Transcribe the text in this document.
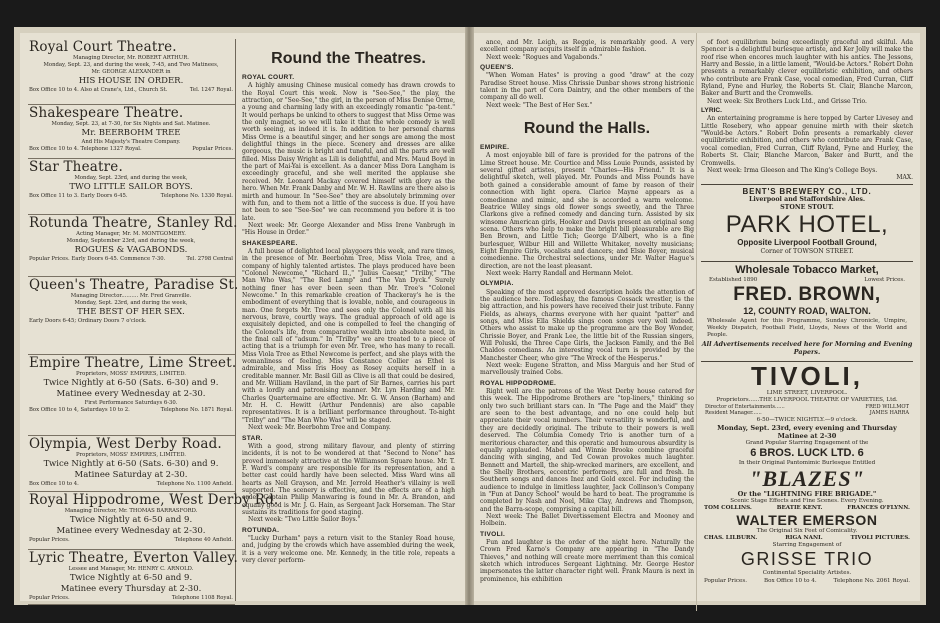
Royal Court Theatre.
Managing Director, Mr. ROBERT ARTHUR.
Monday, Sept. 23, and during the week, 7-45, and Two Matinees,
Mr. GEORGE ALEXANDER in
HIS HOUSE IN ORDER.
Box Office 10 to 4. Also at Crane's, Ltd., Church St.	Tel. 1247 Royal.
Shakespeare Theatre.
Monday, Sept. 23, at 7-30, for Six Nights and Sat. Matinee.
Mr. BEERBOHM TREE
And His Majesty's Theatre Company.
Box Office 10 to 4. Telephone 1327 Royal.	Popular Prices.
Star Theatre.
Monday, Sept. 23rd, and during the week,
TWO LITTLE SAILOR BOYS.
Box Office 11 to 3. Early Doors 6-45.	Telephone No. 1330 Royal.
Rotunda Theatre, Stanley Rd.
Acting Manager, Mr. M. MONTGOMERY.
Monday, September 23rd, and during the week,
ROGUES & VAGABONDS.
Popular Prices. Early Doors 6-45. Commence 7-30.	Tel. 2798 Central
Queen's Theatre, Paradise St.
Managing Director.......... Mr. Fred Granville.
Monday, Sept. 23rd, and during the week,
THE BEST OF HER SEX.
Early Doors 6-45; Ordinary Doors 7 o'clock.
Empire Theatre, Lime Street.
Proprietors, MOSS' EMPIRES, LIMITED.
Twice Nightly at 6-50 (Sats. 6-30) and 9.
Matinee every Wednesday at 2-30.
First Performance Saturdays 6-30.
Box Office 10 to 4, Saturdays 10 to 2.	Telephone No. 1871 Royal.
Olympia, West Derby Road.
Proprietors, MOSS' EMPIRES, LIMITED.
Twice Nightly at 6-50 (Sats. 6-30) and 9.
Matinee Saturday at 2-30.
Box Office 10 to 4.	Telephone No. 1100 Anfield.
Royal Hippodrome, West Derby Rd.
Managing Director, Mr. THOMAS BARRASFORD.
Twice Nightly at 6-50 and 9.
Matinee every Wednesday at 2-30.
Popular Prices.	Telephone 40 Anfield.
Lyric Theatre, Everton Valley.
Lessee and Manager, Mr. HENRY C. ARNOLD.
Twice Nightly at 6-50 and 9.
Matinee every Thursday at 2-30.
Popular Prices.	Telephone 1108 Royal.
Round the Theatres.
ROYAL COURT.

A highly amusing Chinese musical comedy has drawn crowds to the Royal Court this week. Now is "See-See," the play, the attraction, or "See-See," the girl, in the person of Miss Denise Orme, a young and charming lady with an exceedingly romantic "pa-tent." It would perhaps be unkind to others to suggest that Miss Orme was the only magnet, so we will take it that the whole comedy is well worth seeing, as indeed it is. In addition to her personal charms Miss Orme is a beautiful singer, and her songs are among the most delightful things in the piece. Scenery and dresses are alike gorgeous, the music is bright and tuneful, and all the parts are well filled. Miss Daisy Wright as Lili is delightful, and Mrs. Maud Boyd in the part of Mai-Yai is excellent. As a dancer Miss Dora Langham is exceedingly graceful, and she well merited the applause she received. Mr. Leonard Mackay covered himself with glory as the hero. When Mr. Frank Danby and Mr. W. H. Rawlins are there also is mirth and humour. In "See-See" they are absolutely brimming over with fun, and to them not a little of the success is due. If you have not been to see "See-See" we can recommend you before it is too late.

Next week: Mr. George Alexander and Miss Irene Vanbrugh in "His House in Order."

SHAKESPEARE.

A full house of delighted local playgoers this week, and rare times, in the presence of Mr. Beerbohm Tree, Miss Viola Tree, and a company of highly talented artistes. The plays produced have been "Colonel Newcome," "Richard II.," "Julius Caesar," "Trilby," "The Man Who Was," "The Red Lamp" and "The Van Dyck." Surely nothing finer has ever been seen than Mr. Tree's "Colonel Newcome." In this remarkable creation of Thackeray's he is the embodiment of everything that is lovable, noble, and courageous in man. One forgets Mr. Tree and sees only the Colonel with all his nervous, brave, courtly ways. The gradual approach of old age is exquisitely depicted, and one is compelled to feel the changing of the Colonel's life, from comparative wealth into absolute need, in the final call of "adsum." In "Trilby" we are treated to a piece of acting that is a triumph for even Mr. Tree, who has many to recall. Miss Viola Tree as Ethel Newcome is perfect, and she plays with the womanliness of feeling. Miss Constance Collier as Ethel is admirable, and Miss Iris Hoey as Rosey acquits herself in a creditable manner. Mr. Basil Gill as Clive is all that could be desired, and Mr. William Haviland, in the part of Sir Barnes, carries his part with a lordly and patronising manner. Mr. Lyn Harding and Mr. Charles Quartermaine are effective. Mr. G. W. Anson (Barham) and Mr. H. C. Hewitt (Arthur Pendennis) are also capable representatives. It is a brilliant performance throughout. To-night "Trilby" and "The Man Who Was" will be staged.

Next week: Mr. Beerbohm Tree and Company.

STAR.

With a good, strong military flavour, and plenty of stirring incidents, it is not to be wondered at that "Second to None" has proved immensely attractive at the Williamson Square house. Mr. T. F. Ward's company are responsible for its representation, and a better cast could hardly have been selected. Miss Ward wins all hearts as Nell Grayson, and Mr. Jerrold Heather's villainy is well supported. The scenery is effective, and the effects are of a high order. Captain Philip Manwaring is found in Mr. A. Brandon, and equally good is Mr. J. G. Hain, as Sergeant Jack Horseman. The Star sustains its traditions for good staging.

Next week: "Two Little Sailor Boys."

ROTUNDA.

"Lucky Durham" pays a return visit to the Stanley Road house, and, judging by the crowds which have assembled during the week, it is a very welcome one. Mr. Kennedy, in the title role, repeats a very clever perform-

ance, and Mr. Leigh, as Reggie, is remarkably good. A very excellent company acquits itself in admirable fashion.

Next week: "Rogues and Vagabonds."

QUEEN'S.

"When Woman Hates" is proving a good "draw" at the cozy Paradise Street house. Miss Chrissie Dunbar shows strong histrionic talent in the part of Cora Daintry, and the other members of the company all do well.

Next week: "The Best of Her Sex."

Round the Halls.
EMPIRE.

A most enjoyable bill of fare is provided for the patrons of the Lime Street house. Mr. Courtice and Miss Louie Pounds, assisted by several gifted artistes, present "Charles—His Friend." It is a delightful sketch, well played. Mr. Pounds and Miss Pounds have both gained a considerable amount of fame by reason of their connection with light opera. Clarice Mayne appears as a comedienne and mimic, and she is accorded a warm welcome. Beatrice Willey sings old flower songs sweetly, and the Three Clarkons give a refined comedy and dancing turn. Assisted by six winsome American girls, Hooker and Davis present an original song scena. Others who help to make the bright bill pleasurable are Big Ben Brown, and Little Tich; George D'Albert, who is a fine burlesquer, Wilbur Hill and Willette Whitaker, novelty musicians; Eight Empire Girls, vocalists and dancers; and Elsie Boyer, musical comedienne. The Orchestral selections, under Mr. Walter Hague's direction, are not the least pleasant.

Next week: Harry Randall and Hermann Melot.

OLYMPIA.

Speaking of the most approved description holds the attention of the audience here. Todleshay, the famous Cossack wrestler, is the big attraction, and his powers have received their just tribute. Fanny Fields, as always, charms everyone with her quaint "patter" and songs, and Miss Ella Shields sings coon songs very well indeed. Others who assist to make up the programme are the Boy Wonder, Chrissie Boyer, and Frank Lee, the little bit of the Russian singers, Will Poluski, the Three Cape Girls, the Jackson Family, and the Bel Chaldos comedians. An interesting vocal turn is provided by the Manchester Cheer, who give "The Wreck of the Hesperus."

Next week: Eugene Stratton, and Miss Marguis and her Stud of marvellously trained Cobs.

ROYAL HIPPODROME.

Right well are the patrons of the West Derby house catered for this week. The Hippodrome Brothers are "top-liners," thinking so only two such brilliant stars can. In "The Page and the Maid" they are seen to the best advantage, and no one could help but appreciate their vocal numbers. Their versatility is wonderful, and they are decidedly original. The tribute to their powers is well deserved. The Columbia Comedy Trio is another turn of a meritorious character, and this operatic and humourous absurdity is equally applauded. Mabel and Winnie Brooke combine graceful dancing with singing, and Ted Cowan provokes much laughter. Bennett and Martell, the ship-wrecked mariners, are excellent, and the Shelly Brothers, eccentric performers, are full and fresh. In Southern songs and dances Inez and Gold excel. For including the audience to indulge in limitless laughter, Jack Collinson's Company in "Fun at Dancy School" would be hard to beat. The programme is completed by Nash and Noel, Mike Clay, Andrews and Thompson, and the Barra-scope, comprising a capital bill.

Next week: The Ballet Divertissement Electra and Mooney and Holbein.

TIVOLI.

Fun and laughter is the order of the night here. Naturally the Crown Fred Karno's Company are appearing in "The Dandy Thieves," and nothing will create more merriment than this comical sketch which introduces Sergeant Lightning. Mr. George Hestor impersonates the latter character right well. Frank Maura is next in prominence, his exhibition

of foot equilibrium being exceedingly graceful and skilful. Ada Spencer is a delightful burlesque artiste, and Ker Jolly will make the roof rise when encores much laughter with his antics. The Jessons, Harry and Bessie, in a little lament, "Would-be Actors." Robert Dohn presents a remarkably clever equilibristic exhibition, and others who contribute are Frank Case, vocal comedian, Fred Curran, Cliff Ryland, Fyne and Hurley, the Roberts St. Clair, Blanche Marcon, Baker and Burtt and the Cromwells.

Next week: Six Brothers Luck Ltd., and Grisse Trio.

LYRIC.

An entertaining programme is here topped by Carter Livesey and Little Rosebery, who appear genuine mirth with their sketch "Would-be Actors." Robert Dohn presents a remarkably clever equilibristic exhibition, and others who contribute are Frank Case, vocal comedian, Fred Curran, Cliff Ryland, Fyne and Hurley, the Roberts St. Clair, Blanche Marcon, Baker and Burtt, and the Cromwells.

Next week: Irma Gleeson and The King's College Boys.

MAX.
BENT'S BREWERY CO., LTD.
Liverpool and Staffordshire Ales.
STONE STOUT.
PARK HOTEL,
Opposite Liverpool Football Ground,
Corner of TOWSON STREET.
Wholesale Tobacco Market,
Established 1890	Lowest Prices.
FRED. BROWN,
12, COUNTY ROAD, WALTON.
Wholesale Agent for this Programme, Sunday Chronicle, Umpire, Weekly Dispatch, Football Field, Lloyds, News of the World and People.
All Advertisements received here for Morning and Evening Papers.
TIVOLI,
LIME STREET, LIVERPOOL.
Proprietors......THE LIVERPOOL THEATRE OF VARIETIES, Ltd.
Director of Entertainments......	FRED WILLMOT
Resident Manager......	JAMES HARRA
6-50—TWICE NIGHTLY.—9 o'clock.
Monday, Sept. 23rd, every evening and Thursday Matinee at 2-30
Grand Popular Starring Engagement of the
6 BROS. LUCK LTD. 6
In their Original Pantomimic Burlesque Entitled
"BLAZES"
Or the "LIGHTNING FIRE BRIGADE."
Scenic Stage Effects and Fine Scenes. Every Evening.
TOM COLLINS.	BEATIE KENT.	FRANCES O'FLYNN.
WALTER EMERSON
The Original Six Feet of Comicality.
CHAS. LILBURN.	RIGA NANI.	TIVOLI PICTURES.
Starring Engagement of
GRISSE TRIO
Continental Speciality Artistes.
Popular Prices.	Box Office 10 to 4.	Telephone No. 2061 Royal.
